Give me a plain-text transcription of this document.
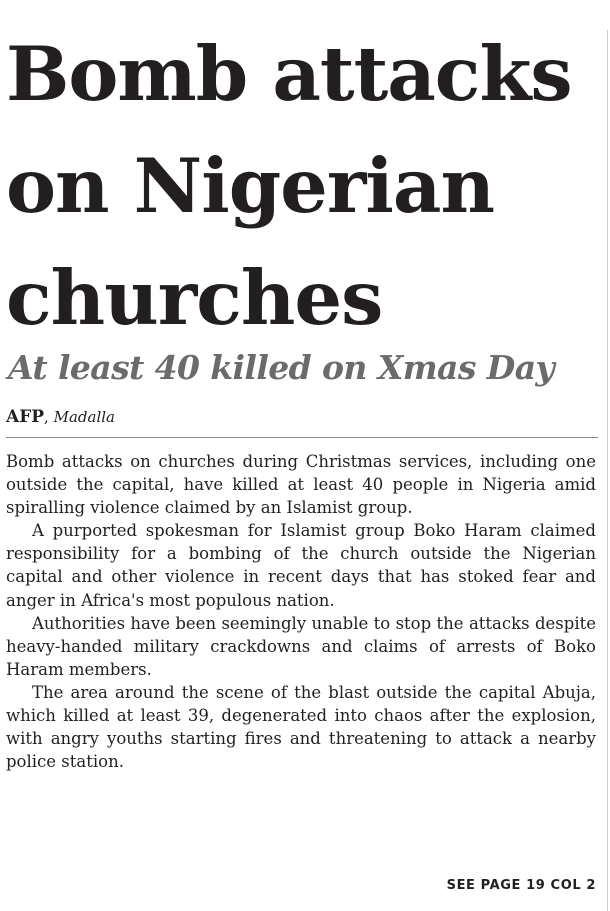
Bomb attacks
on Nigerian
churches
At least 40 killed on Xmas Day
AFP, Madalla

Bomb attacks on churches during Christmas services, including one outside the capital, have killed at least 40 people in Nigeria amid spiralling violence claimed by an Islamist group.

A purported spokesman for Islamist group Boko Haram claimed responsibility for a bombing of the church outside the Nigerian capital and other violence in recent days that has stoked fear and anger in Africa's most populous nation.

Authorities have been seemingly unable to stop the attacks despite heavy-handed military crackdowns and claims of arrests of Boko Haram members.

The area around the scene of the blast outside the capital Abuja, which killed at least 39, degenerated into chaos after the explosion, with angry youths starting fires and threatening to attack a nearby police station.

SEE PAGE 19 COL 2
